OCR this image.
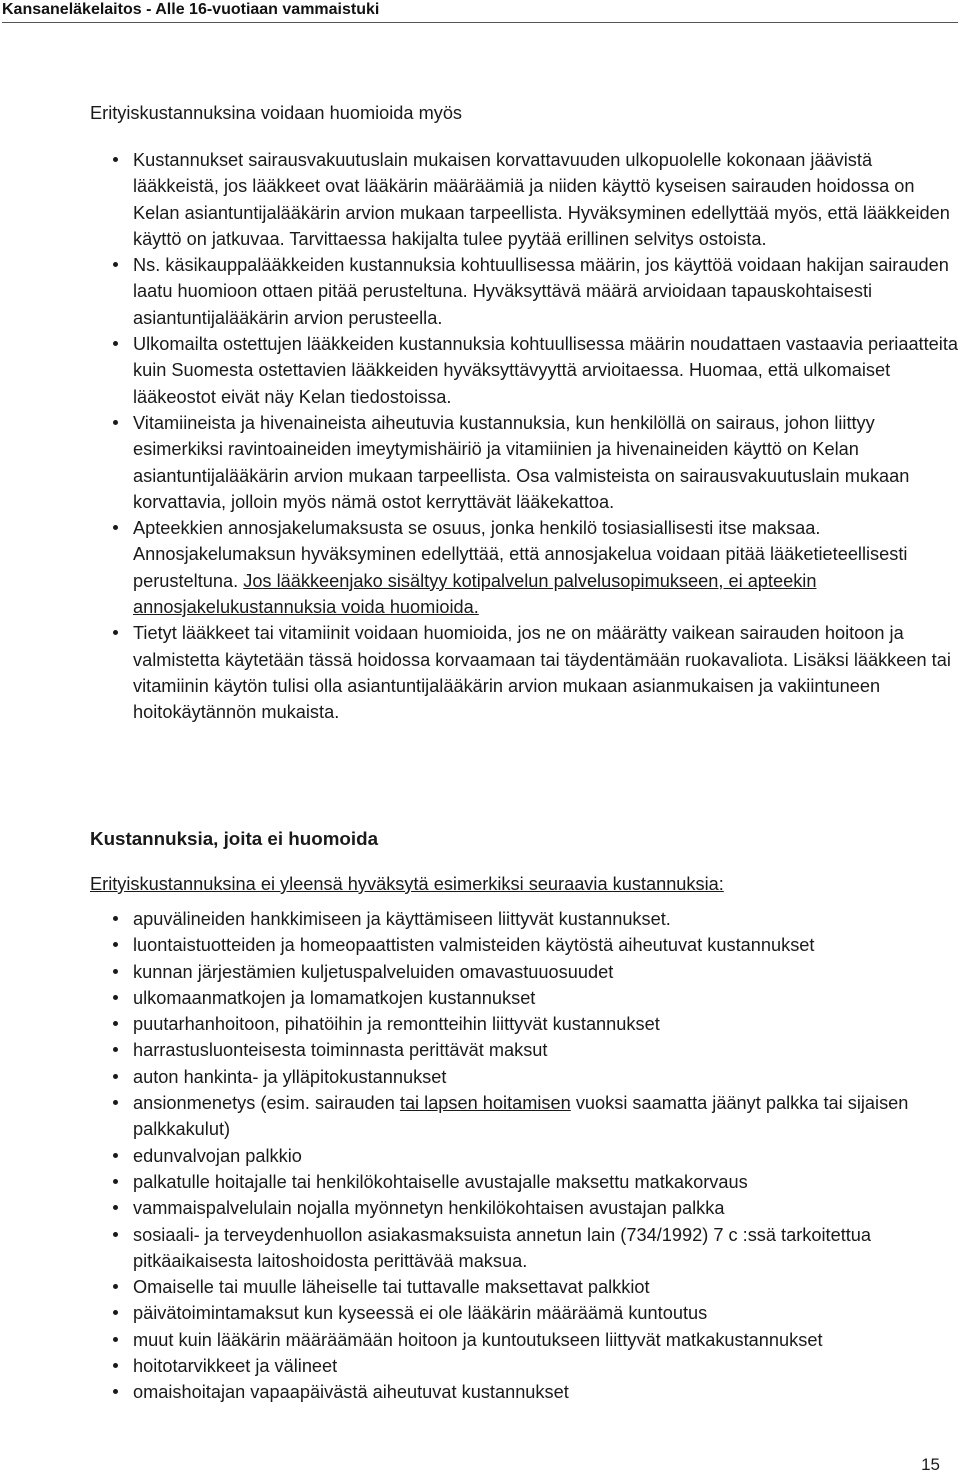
Kansaneläkelaitos - Alle 16-vuotiaan vammaistuki
Erityiskustannuksina voidaan huomioida myös
Kustannukset sairausvakuutuslain mukaisen korvattavuuden ulkopuolelle kokonaan jäävistä lääkkeistä, jos lääkkeet ovat lääkärin määräämiä ja niiden käyttö kyseisen sairauden hoidossa on Kelan asiantuntijalääkärin arvion mukaan tarpeellista. Hyväksyminen edellyttää myös, että lääkkeiden käyttö on jatkuvaa. Tarvittaessa hakijalta tulee pyytää erillinen selvitys ostoista.
Ns. käsikauppalääkkeiden kustannuksia kohtuullisessa määrin, jos käyttöä voidaan hakijan sairauden laatu huomioon ottaen pitää perusteltuna. Hyväksyttävä määrä arvioidaan tapauskohtaisesti asiantuntijalääkärin arvion perusteella.
Ulkomailta ostettujen lääkkeiden kustannuksia kohtuullisessa määrin noudattaen vastaavia periaatteita kuin Suomesta ostettavien lääkkeiden hyväksyttävyyttä arvioitaessa. Huomaa, että ulkomaiset lääkeostot eivät näy Kelan tiedostoissa.
Vitamiineista ja hivenaineista aiheutuvia kustannuksia, kun henkilöllä on sairaus, johon liittyy esimerkiksi ravintoaineiden imeytymishäiriö ja vitamiinien ja hivenaineiden käyttö on Kelan asiantuntijalääkärin arvion mukaan tarpeellista. Osa valmisteista on sairausvakuutuslain mukaan korvattavia, jolloin myös nämä ostot kerryttävät lääkekattoa.
Apteekkien annosjakelumaksusta se osuus, jonka henkilö tosiasiallisesti itse maksaa. Annosjakelumaksun hyväksyminen edellyttää, että annosjakelua voidaan pitää lääketieteellisesti perusteltuna. Jos lääkkeenjako sisältyy kotipalvelun palvelusopimukseen, ei apteekin annosjakelukustannuksia voida huomioida.
Tietyt lääkkeet tai vitamiinit voidaan huomioida, jos ne on määrätty vaikean sairauden hoitoon ja valmistetta käytetään tässä hoidossa korvaamaan tai täydentämään ruokavaliota. Lisäksi lääkkeen tai vitamiinin käytön tulisi olla asiantuntijalääkärin arvion mukaan asianmukaisen ja vakiintuneen hoitokäytännön mukaista.
Kustannuksia, joita ei huomoida
Erityiskustannuksina ei yleensä hyväksytä esimerkiksi seuraavia kustannuksia:
apuvälineiden hankkimiseen ja käyttämiseen liittyvät kustannukset.
luontaistuotteiden ja homeopaattisten valmisteiden käytöstä aiheutuvat kustannukset
kunnan järjestämien kuljetuspalveluiden omavastuuosuudet
ulkomaanmatkojen ja lomamatkojen kustannukset
puutarhanhoitoon, pihatöihin ja remontteihin liittyvät kustannukset
harrastusluonteisesta toiminnasta perittävät maksut
auton hankinta- ja ylläpitokustannukset
ansionmenetys (esim. sairauden tai lapsen hoitamisen vuoksi saamatta jäänyt palkka tai sijaisen palkkakulut)
edunvalvojan palkkio
palkatulle hoitajalle tai henkilökohtaiselle avustajalle maksettu matkakorvaus
vammaispalvelulain nojalla myönnetyn henkilökohtaisen avustajan palkka
sosiaali- ja terveydenhuollon asiakasmaksuista annetun lain (734/1992) 7 c :ssä tarkoitettua pitkäaikaisesta laitoshoidosta perittävää maksua.
Omaiselle tai muulle läheiselle tai tuttavalle maksettavat palkkiot
päivätoimintamaksut kun kyseessä ei ole lääkärin määräämä kuntoutus
muut kuin lääkärin määräämään hoitoon ja kuntoutukseen liittyvät matkakustannukset
hoitotarvikkeet ja välineet
omaishoitajan vapaapäivästä aiheutuvat kustannukset
15
